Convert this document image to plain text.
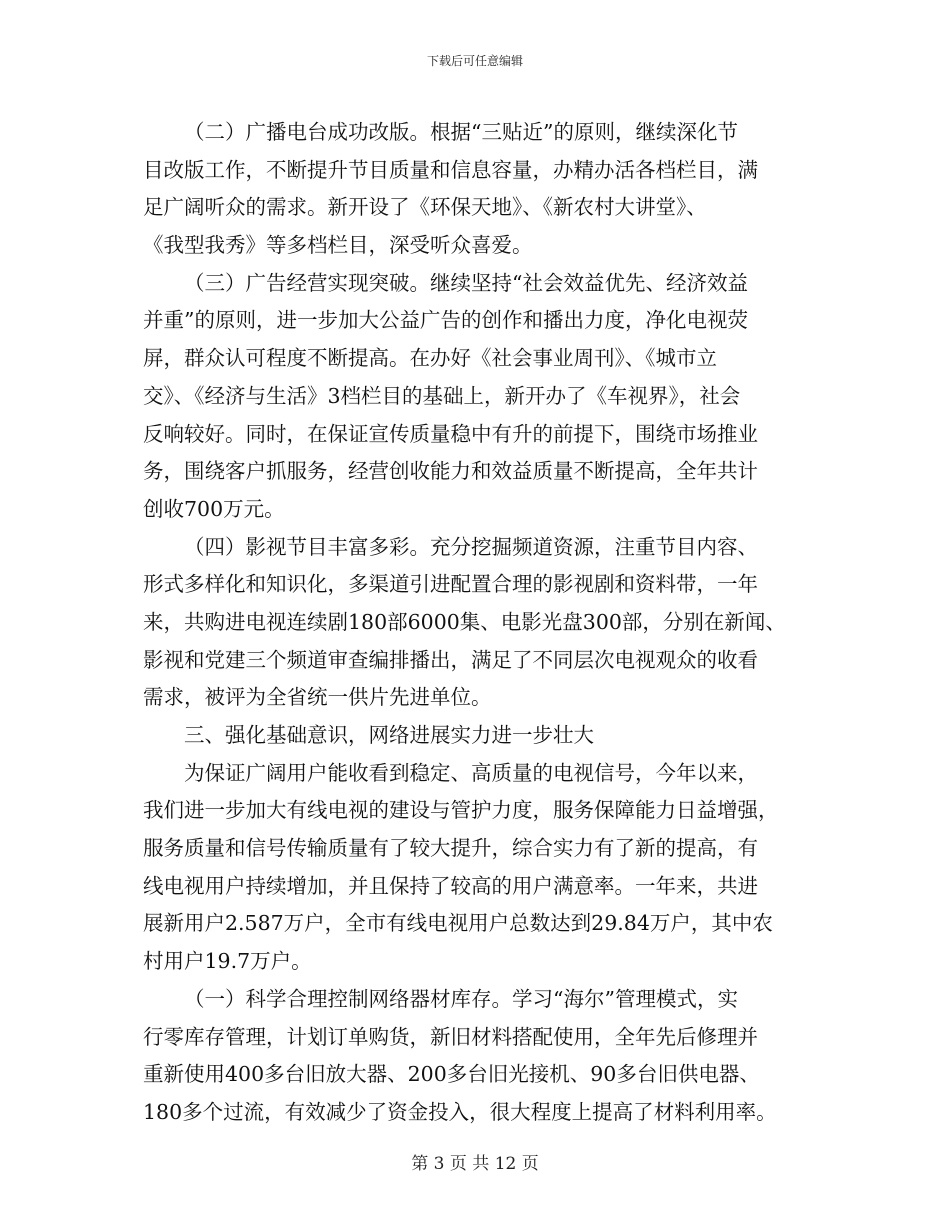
下载后可任意编辑
（二）广播电台成功改版。根据“三贴近”的原则，继续深化节
目改版工作，不断提升节目质量和信息容量，办精办活各档栏目，满
足广阔听众的需求。新开设了《环保天地》、《新农村大讲堂》、
《我型我秀》等多档栏目，深受听众喜爱。
（三）广告经营实现突破。继续坚持“社会效益优先、经济效益
并重”的原则，进一步加大公益广告的创作和播出力度，净化电视荧
屏，群众认可程度不断提高。在办好《社会事业周刊》、《城市立
交》、《经济与生活》3档栏目的基础上，新开办了《车视界》，社会
反响较好。同时，在保证宣传质量稳中有升的前提下，围绕市场推业
务，围绕客户抓服务，经营创收能力和效益质量不断提高，全年共计
创收700万元。
（四）影视节目丰富多彩。充分挖掘频道资源，注重节目内容、
形式多样化和知识化，多渠道引进配置合理的影视剧和资料带，一年
来，共购进电视连续剧180部6000集、电影光盘300部，分别在新闻、
影视和党建三个频道审查编排播出，满足了不同层次电视观众的收看
需求，被评为全省统一供片先进单位。
三、强化基础意识，网络进展实力进一步壮大
为保证广阔用户能收看到稳定、高质量的电视信号，今年以来，
我们进一步加大有线电视的建设与管护力度，服务保障能力日益增强，
服务质量和信号传输质量有了较大提升，综合实力有了新的提高，有
线电视用户持续增加，并且保持了较高的用户满意率。一年来，共进
展新用户2.587万户，全市有线电视用户总数达到29.84万户，其中农
村用户19.7万户。
（一）科学合理控制网络器材库存。学习“海尔”管理模式，实
行零库存管理，计划订单购货，新旧材料搭配使用，全年先后修理并
重新使用400多台旧放大器、200多台旧光接机、90多台旧供电器、
180多个过流，有效减少了资金投入，很大程度上提高了材料利用率。
第 3 页 共 12 页
